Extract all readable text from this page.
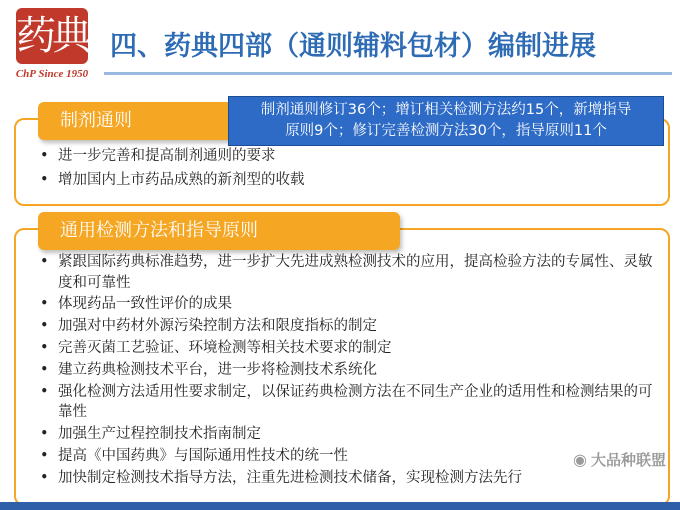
药典
ChP Since 1950
四、药典四部（通则辅料包材）编制进展
制剂通则	制剂通则修订36个；增订相关检测方法约15个，新增指导
原则9个；修订完善检测方法30个，指导原则11个
• 进一步完善和提高制剂通则的要求
• 增加国内上市药品成熟的新剂型的收载
通用检测方法和指导原则
• 紧跟国际药典标准趋势，进一步扩大先进成熟检测技术的应用，提高检验方法的专属性、灵敏度和可靠性
• 体现药品一致性评价的成果
• 加强对中药材外源污染控制方法和限度指标的制定
• 完善灭菌工艺验证、环境检测等相关技术要求的制定
• 建立药典检测技术平台，进一步将检测技术系统化
• 强化检测方法适用性要求制定，以保证药典检测方法在不同生产企业的适用性和检测结果的可靠性
• 加强生产过程控制技术指南制定
• 提高《中国药典》与国际通用性技术的统一性
• 加快制定检测技术指导方法，注重先进检测技术储备，实现检测方法先行
◉ 大品种联盟
